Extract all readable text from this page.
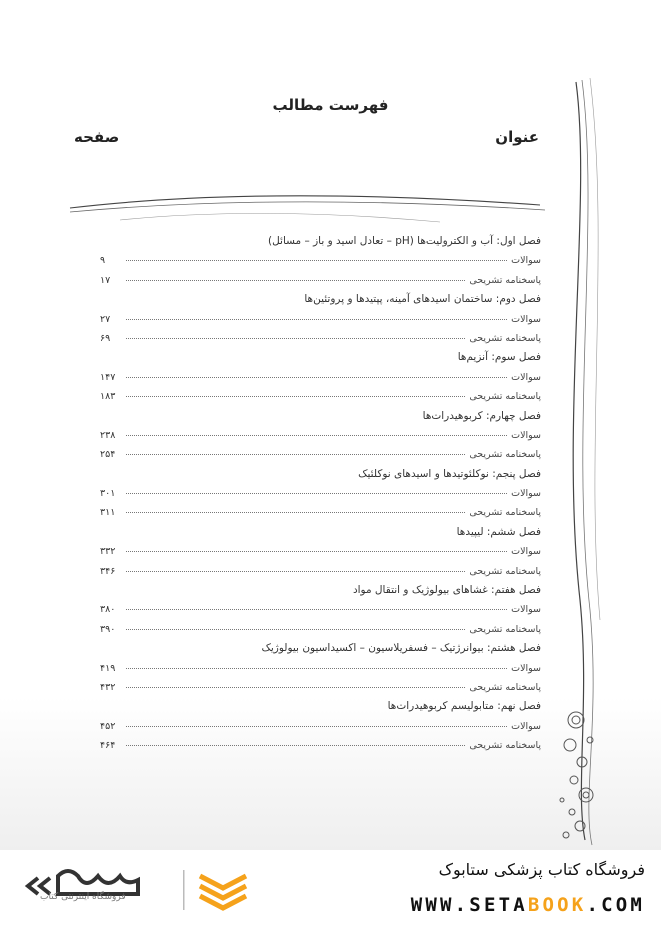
فهرست مطالب
عنوان
صفحه
فصل اول: آب و الکترولیت‌ها (pH – تعادل اسید و باز – مسائل)
سوالات
۹
پاسخنامه تشریحی
۱۷
فصل دوم: ساختمان اسیدهای آمینه، پپتیدها و پروتئین‌ها
سوالات
۲۷
پاسخنامه تشریحی
۶۹
فصل سوم: آنزیم‌ها
سوالات
۱۴۷
پاسخنامه تشریحی
۱۸۳
فصل چهارم: کربوهیدرات‌ها
سوالات
۲۳۸
پاسخنامه تشریحی
۲۵۴
فصل پنجم: نوکلئوتیدها و اسیدهای نوکلئیک
سوالات
۳۰۱
پاسخنامه تشریحی
۳۱۱
فصل ششم: لیپیدها
سوالات
۳۳۲
پاسخنامه تشریحی
۳۴۶
فصل هفتم: غشاهای بیولوژیک و انتقال مواد
سوالات
۳۸۰
پاسخنامه تشریحی
۳۹۰
فصل هشتم: بیوانرژتیک – فسفریلاسیون – اکسیداسیون بیولوژیک
سوالات
۴۱۹
پاسخنامه تشریحی
۴۳۲
فصل نهم: متابولیسم کربوهیدرات‌ها
سوالات
۴۵۲
پاسخنامه تشریحی
۴۶۴
فروشگاه اینترنتی کتاب
فروشگاه کتاب پزشکی ستابوک
WWW.SETABOOK.COM
